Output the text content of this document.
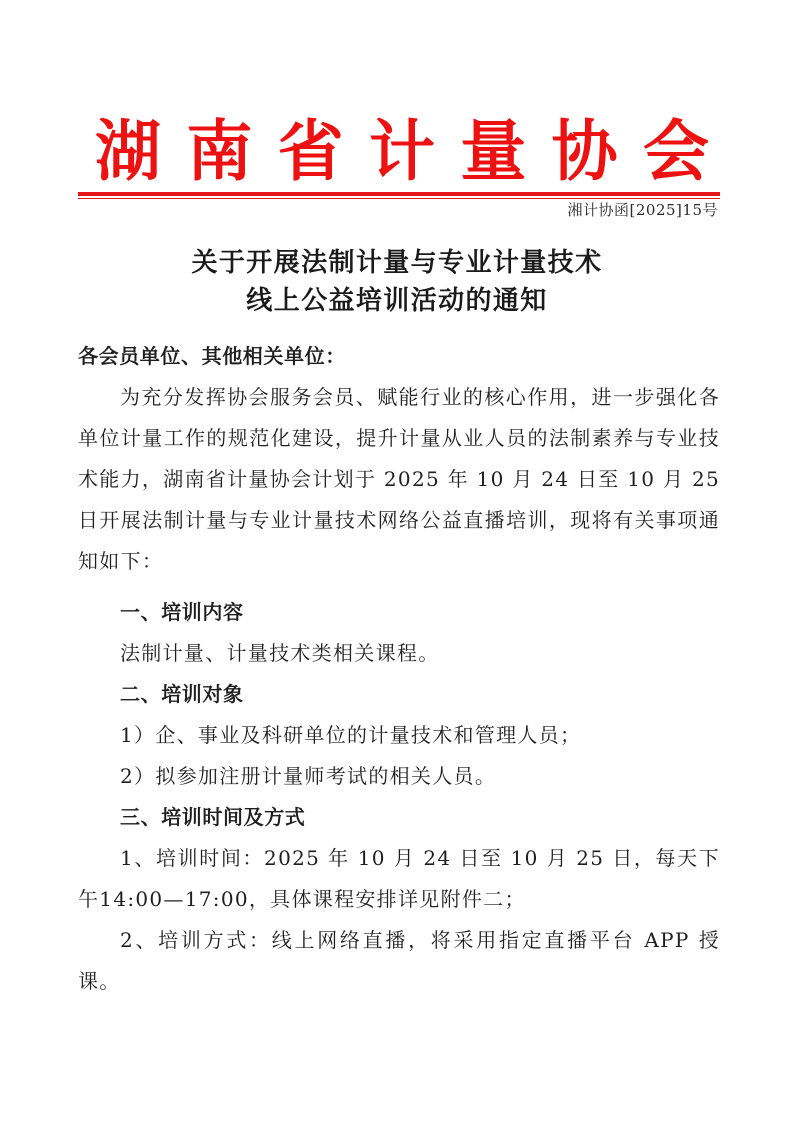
湖 南 省 计 量 协 会
湘计协函[2025]15号
关于开展法制计量与专业计量技术
线上公益培训活动的通知

各会员单位、其他相关单位：

为充分发挥协会服务会员、赋能行业的核心作用，进一步强化各单位计量工作的规范化建设，提升计量从业人员的法制素养与专业技术能力，湖南省计量协会计划于 2025 年 10 月 24 日至 10 月 25 日开展法制计量与专业计量技术网络公益直播培训，现将有关事项通知如下：

一、培训内容

法制计量、计量技术类相关课程。

二、培训对象

1）企、事业及科研单位的计量技术和管理人员；

2）拟参加注册计量师考试的相关人员。

三、培训时间及方式

1、培训时间：2025 年 10 月 24 日至 10 月 25 日，每天下午14:00—17:00，具体课程安排详见附件二；

2、培训方式：线上网络直播，将采用指定直播平台 APP 授课。
